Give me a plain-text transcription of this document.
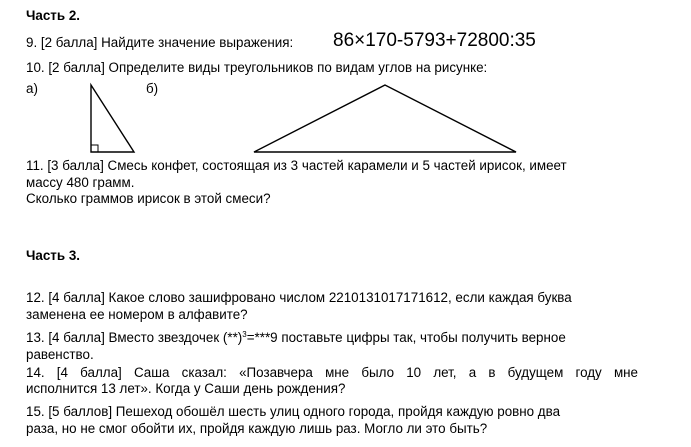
Часть 2.
9. [2 балла] Найдите значение выражения: 86×170-5793+72800:35
10. [2 балла] Определите виды треугольников по видам углов на рисунке:
а)	б)
11. [3 балла] Смесь конфет, состоящая из 3 частей карамели и 5 частей ирисок, имеет
массу 480 грамм.
Сколько граммов ирисок в этой смеси?
Часть 3.
12. [4 балла] Какое слово зашифровано числом 2210131017171612, если каждая буква
заменена ее номером в алфавите?
13. [4 балла] Вместо звездочек $(**)^3=***9$ поставьте цифры так, чтобы получить верное
равенство.
14. [4 балла] Саша сказал: «Позавчера мне было 10 лет, а в будущем году мне
исполнится 13 лет». Когда у Саши день рождения?
15. [5 баллов] Пешеход обошёл шесть улиц одного города, пройдя каждую ровно два
раза, но не смог обойти их, пройдя каждую лишь раз. Могло ли это быть?
